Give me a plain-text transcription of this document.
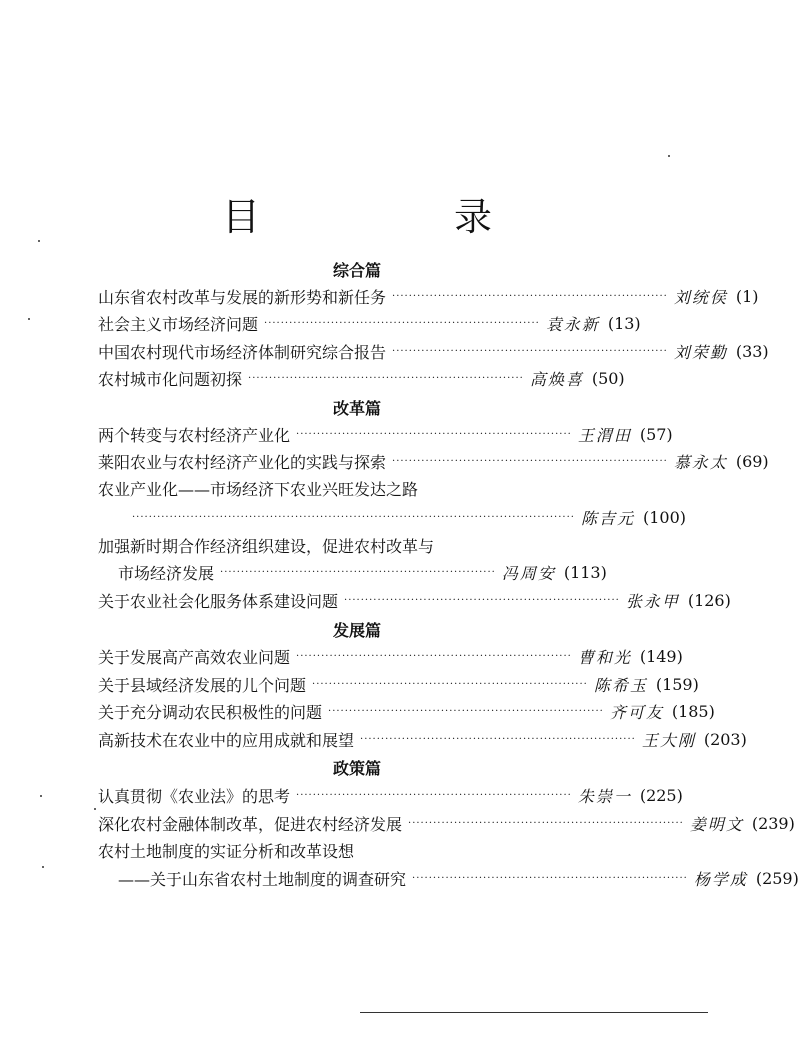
目　录
综合篇
山东省农村改革与发展的新形势和新任务 ·································································· 刘统侯 (1)
社会主义市场经济问题 ·································································· 袁永新 (13)
中国农村现代市场经济体制研究综合报告 ·································································· 刘荣勤 (33)
农村城市化问题初探 ·································································· 高焕喜 (50)
改革篇
两个转变与农村经济产业化 ·································································· 王渭田 (57)
莱阳农业与农村经济产业化的实践与探索 ·································································· 慕永太 (69)
农业产业化——市场经济下农业兴旺发达之路
·········································································································· 陈吉元 (100)
加强新时期合作经济组织建设，促进农村改革与
市场经济发展 ·································································· 冯周安 (113)
关于农业社会化服务体系建设问题 ·································································· 张永甲 (126)
发展篇
关于发展高产高效农业问题 ·································································· 曹和光 (149)
关于县域经济发展的儿个问题 ·································································· 陈希玉 (159)
关于充分调动农民积极性的问题 ·································································· 齐可友 (185)
高新技术在农业中的应用成就和展望 ·································································· 王大刚 (203)
政策篇
认真贯彻《农业法》的思考 ·································································· 朱崇一 (225)
深化农村金融体制改革，促进农村经济发展 ·································································· 姜明文 (239)
农村土地制度的实证分析和改革设想
——关于山东省农村土地制度的调查研究 ·································································· 杨学成 (259)
